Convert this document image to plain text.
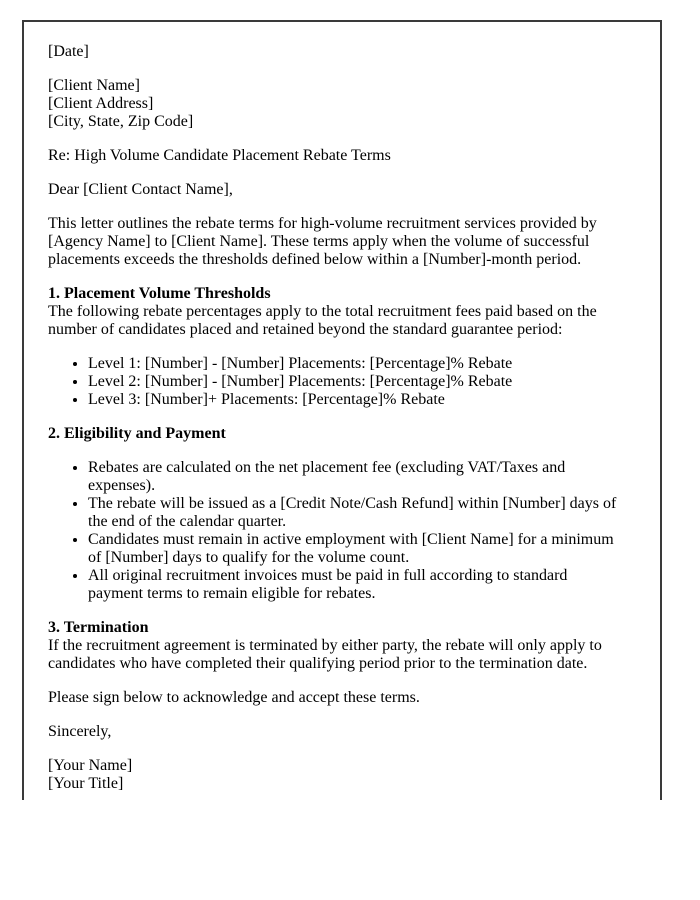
[Date]

[Client Name]
[Client Address]
[City, State, Zip Code]

Re: High Volume Candidate Placement Rebate Terms

Dear [Client Contact Name],

This letter outlines the rebate terms for high-volume recruitment services provided by [Agency Name] to [Client Name]. These terms apply when the volume of successful placements exceeds the thresholds defined below within a [Number]-month period.

1. Placement Volume Thresholds
The following rebate percentages apply to the total recruitment fees paid based on the number of candidates placed and retained beyond the standard guarantee period:

• Level 1: [Number] - [Number] Placements: [Percentage]% Rebate
• Level 2: [Number] - [Number] Placements: [Percentage]% Rebate
• Level 3: [Number]+ Placements: [Percentage]% Rebate

2. Eligibility and Payment

• Rebates are calculated on the net placement fee (excluding VAT/Taxes and expenses).
• The rebate will be issued as a [Credit Note/Cash Refund] within [Number] days of the end of the calendar quarter.
• Candidates must remain in active employment with [Client Name] for a minimum of [Number] days to qualify for the volume count.
• All original recruitment invoices must be paid in full according to standard payment terms to remain eligible for rebates.

3. Termination
If the recruitment agreement is terminated by either party, the rebate will only apply to candidates who have completed their qualifying period prior to the termination date.

Please sign below to acknowledge and accept these terms.

Sincerely,

[Your Name]
[Your Title]
